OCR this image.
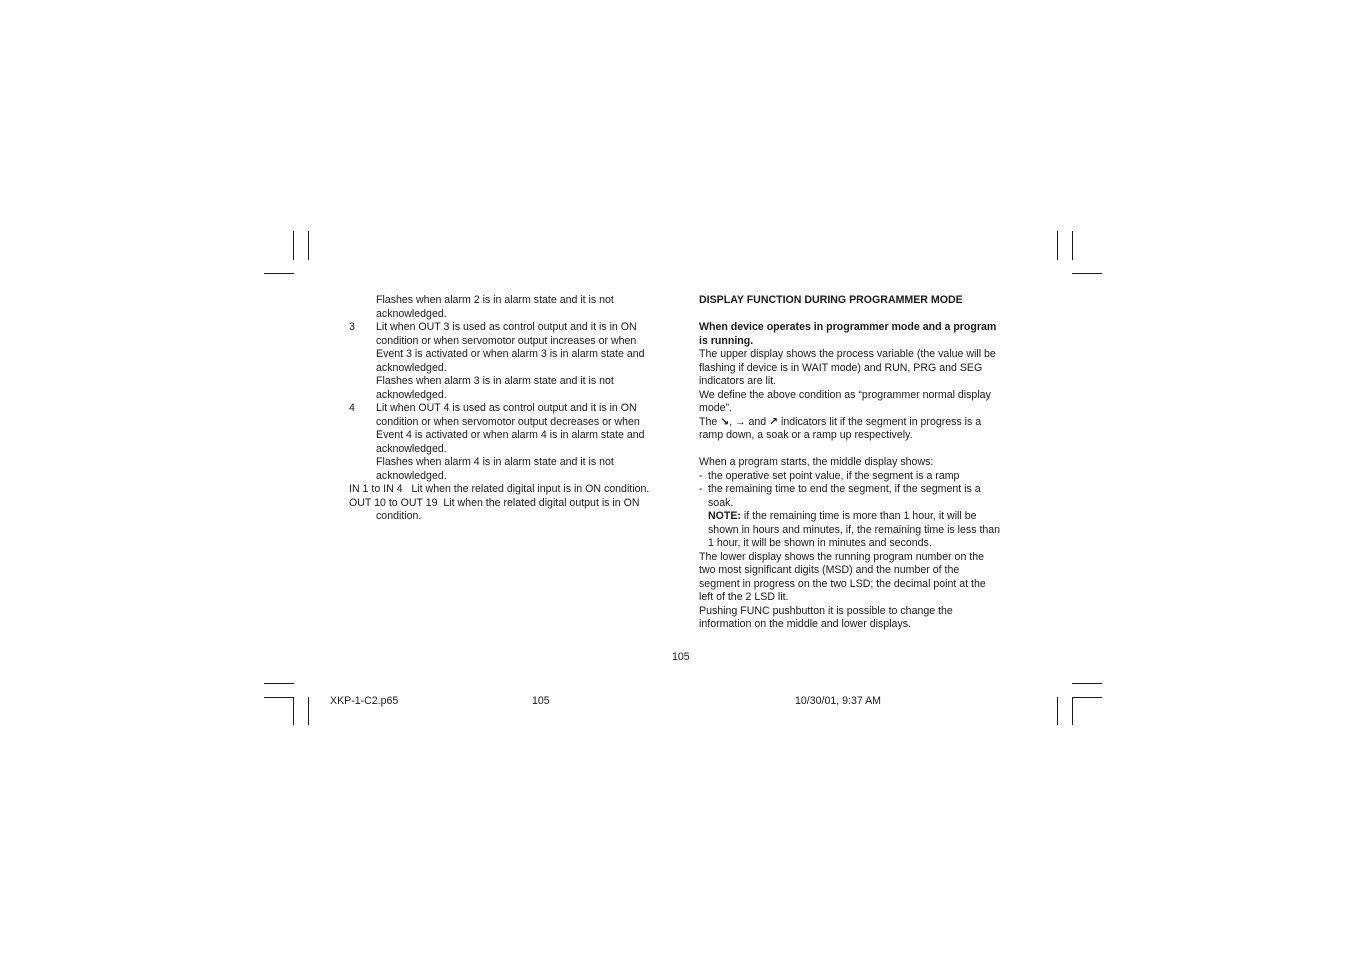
Flashes when alarm 2 is in alarm state and it is not

acknowledged.

3	Lit when OUT 3 is used as control output and it is in ON

condition or when servomotor output increases or when

Event 3 is activated or when alarm 3 is in alarm state and

acknowledged.

Flashes when alarm 3 is in alarm state and it is not

acknowledged.

4	Lit when OUT 4 is used as control output and it is in ON

condition or when servomotor output decreases or when

Event 4 is activated or when alarm 4 is in alarm state and

acknowledged.

Flashes when alarm 4 is in alarm state and it is not

acknowledged.

IN 1 to IN 4   Lit when the related digital input is in ON condition.

OUT 10 to OUT 19  Lit when the related digital output is in ON

condition.

DISPLAY FUNCTION DURING PROGRAMMER MODE

When device operates in programmer mode and a program

is running.

The upper display shows the process variable (the value will be

flashing if device is in WAIT mode) and RUN, PRG and SEG

indicators are lit.

We define the above condition as “programmer normal display

mode”.

The ↘, → and ↗ indicators lit if the segment in progress is a

ramp down, a soak or a ramp up respectively.

When a program starts, the middle display shows:

- the operative set point value, if the segment is a ramp
- the remaining time to end the segment, if the segment is a

soak.

NOTE: if the remaining time is more than 1 hour, it will be

shown in hours and minutes, if, the remaining time is less than

1 hour, it will be shown in minutes and seconds.

The lower display shows the running program number on the

two most significant digits (MSD) and the number of the

segment in progress on the two LSD; the decimal point at the

left of the 2 LSD lit.

Pushing FUNC pushbutton it is possible to change the

information on the middle and lower displays.

105
XKP-1-C2.p65	105	10/30/01, 9:37 AM
